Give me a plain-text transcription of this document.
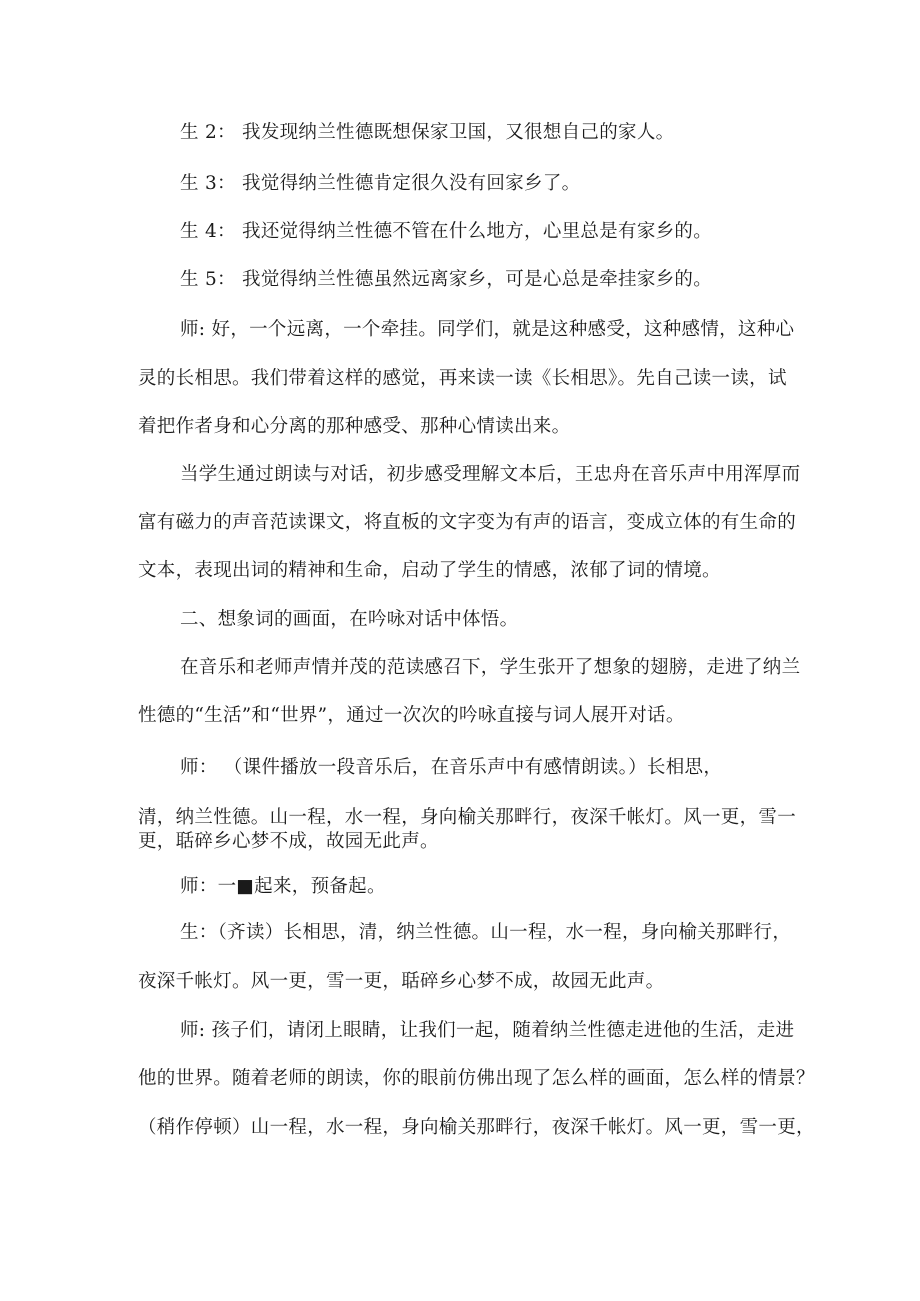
生 2： 我发现纳兰性德既想保家卫国，又很想自己的家人。
生 3： 我觉得纳兰性德肯定很久没有回家乡了。
生 4： 我还觉得纳兰性德不管在什么地方，心里总是有家乡的。
生 5： 我觉得纳兰性德虽然远离家乡，可是心总是牵挂家乡的。
师: 好，一个远离，一个牵挂。同学们，就是这种感受，这种感情，这种心
灵的长相思。我们带着这样的感觉，再来读一读《长相思》。先自己读一读，试
着把作者身和心分离的那种感受、那种心情读出来。
当学生通过朗读与对话，初步感受理解文本后，王忠舟在音乐声中用浑厚而
富有磁力的声音范读课文，将直板的文字变为有声的语言，变成立体的有生命的
文本，表现出词的精神和生命，启动了学生的情感，浓郁了词的情境。
二、想象词的画面，在吟咏对话中体悟。
在音乐和老师声情并茂的范读感召下，学生张开了想象的翅膀，走进了纳兰
性德的“生活”和“世界”，通过一次次的吟咏直接与词人展开对话。
师： （课件播放一段音乐后，在音乐声中有感情朗读。）长相思，
清，纳兰性德。山一程，水一程，身向榆关那畔行，夜深千帐灯。风一更，雪一
更，聒碎乡心梦不成，故园无此声。
师：一■起来，预备起。
生：（齐读）长相思，清，纳兰性德。山一程，水一程，身向榆关那畔行，
夜深千帐灯。风一更，雪一更，聒碎乡心梦不成，故园无此声。
师: 孩子们，请闭上眼睛，让我们一起，随着纳兰性德走进他的生活，走进
他的世界。随着老师的朗读，你的眼前仿佛出现了怎么样的画面，怎么样的情景？
（稍作停顿）山一程，水一程，身向榆关那畔行，夜深千帐灯。风一更，雪一更，
